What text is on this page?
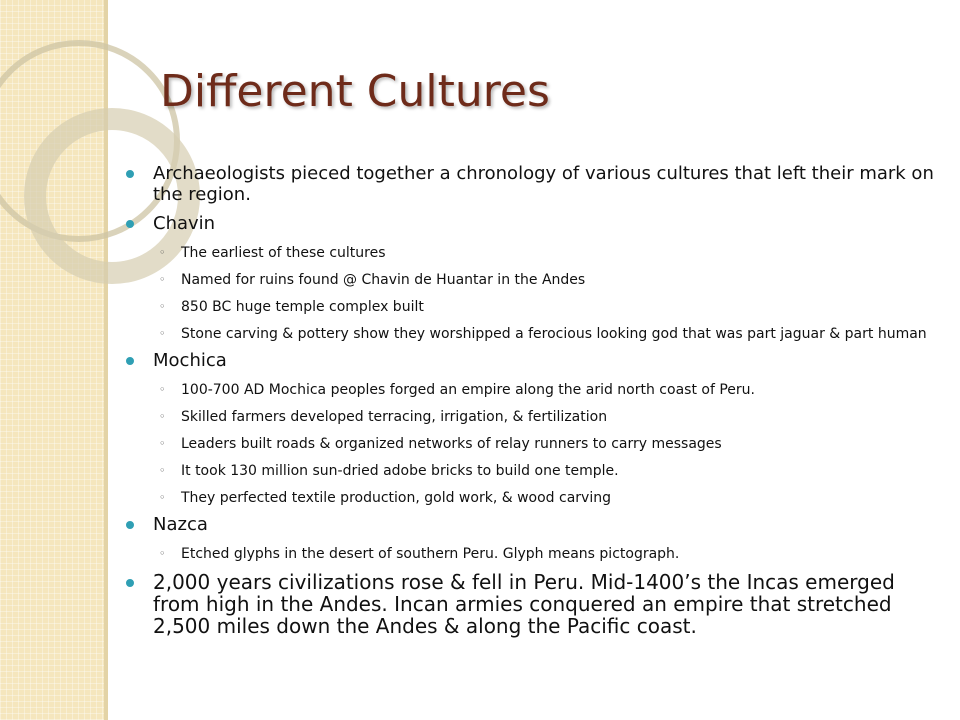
Different Cultures
Archaeologists pieced together a chronology of various cultures that left their mark on the region.
Chavin
◦ The earliest of these cultures
◦ Named for ruins found @ Chavin de Huantar in the Andes
◦ 850 BC huge temple complex built
◦ Stone carving & pottery show they worshipped a ferocious looking god that was part jaguar & part human
Mochica
◦ 100-700 AD Mochica peoples forged an empire along the arid north coast of Peru.
◦ Skilled farmers developed terracing, irrigation, & fertilization
◦ Leaders built roads & organized networks of relay runners to carry messages
◦ It took 130 million sun-dried adobe bricks to build one temple.
◦ They perfected textile production, gold work, & wood carving
Nazca
◦ Etched glyphs in the desert of southern Peru. Glyph means pictograph.
2,000 years civilizations rose & fell in Peru. Mid-1400’s the Incas emerged from high in the Andes. Incan armies conquered an empire that stretched 2,500 miles down the Andes & along the Pacific coast.
